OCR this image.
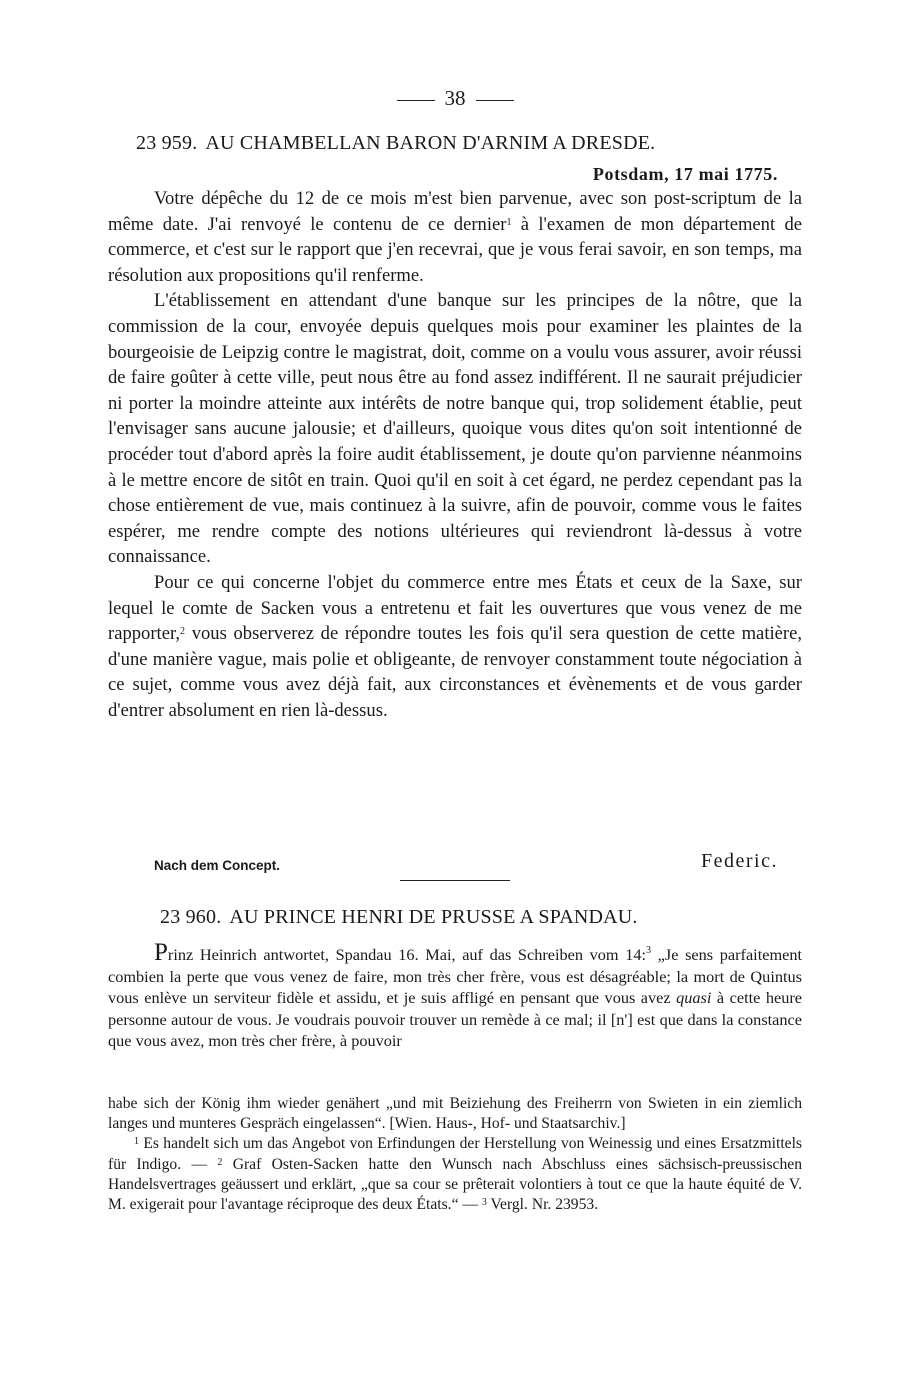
38
23 959. AU CHAMBELLAN BARON D'ARNIM A DRESDE.
Potsdam, 17 mai 1775.

Votre dépêche du 12 de ce mois m'est bien parvenue, avec son post-scriptum de la même date. J'ai renvoyé le contenu de ce dernier$^1$ à l'examen de mon département de commerce, et c'est sur le rapport que j'en recevrai, que je vous ferai savoir, en son temps, ma résolution aux propositions qu'il renferme.

L'établissement en attendant d'une banque sur les principes de la nôtre, que la commission de la cour, envoyée depuis quelques mois pour examiner les plaintes de la bourgeoisie de Leipzig contre le magistrat, doit, comme on a voulu vous assurer, avoir réussi de faire goûter à cette ville, peut nous être au fond assez indifférent. Il ne saurait préjudicier ni porter la moindre atteinte aux intérêts de notre banque qui, trop solidement établie, peut l'envisager sans aucune jalousie; et d'ailleurs, quoique vous dites qu'on soit intentionné de procéder tout d'abord après la foire audit établissement, je doute qu'on parvienne néanmoins à le mettre encore de sitôt en train. Quoi qu'il en soit à cet égard, ne perdez cependant pas la chose entièrement de vue, mais continuez à la suivre, afin de pouvoir, comme vous le faites espérer, me rendre compte des notions ultérieures qui reviendront là-dessus à votre connaissance.

Pour ce qui concerne l'objet du commerce entre mes États et ceux de la Saxe, sur lequel le comte de Sacken vous a entretenu et fait les ouvertures que vous venez de me rapporter,$^2$ vous observerez de répondre toutes les fois qu'il sera question de cette matière, d'une manière vague, mais polie et obligeante, de renvoyer constamment toute négociation à ce sujet, comme vous avez déjà fait, aux circonstances et évènements et de vous garder d'entrer absolument en rien là-dessus.

Nach dem Concept.	Federic.
23 960. AU PRINCE HENRI DE PRUSSE A SPANDAU.

Prinz Heinrich antwortet, Spandau 16. Mai, auf das Schreiben vom 14:$^3$ „Je sens parfaitement combien la perte que vous venez de faire, mon très cher frère, vous est désagréable; la mort de Quintus vous enlève un serviteur fidèle et assidu, et je suis affligé en pensant que vous avez quasi à cette heure personne autour de vous. Je voudrais pouvoir trouver un remède à ce mal; il [n'] est que dans la constance que vous avez, mon très cher frère, à pouvoir

habe sich der König ihm wieder genähert „und mit Beiziehung des Freiherrn von Swieten in ein ziemlich langes und munteres Gespräch eingelassen“. [Wien. Haus-, Hof- und Staatsarchiv.]

$^1$ Es handelt sich um das Angebot von Erfindungen der Herstellung von Weinessig und eines Ersatzmittels für Indigo. — $^2$ Graf Osten-Sacken hatte den Wunsch nach Abschluss eines sächsisch-preussischen Handelsvertrages geäussert und erklärt, „que sa cour se prêterait volontiers à tout ce que la haute équité de V. M. exigerait pour l'avantage réciproque des deux États.“ — $^3$ Vergl. Nr. 23953.
